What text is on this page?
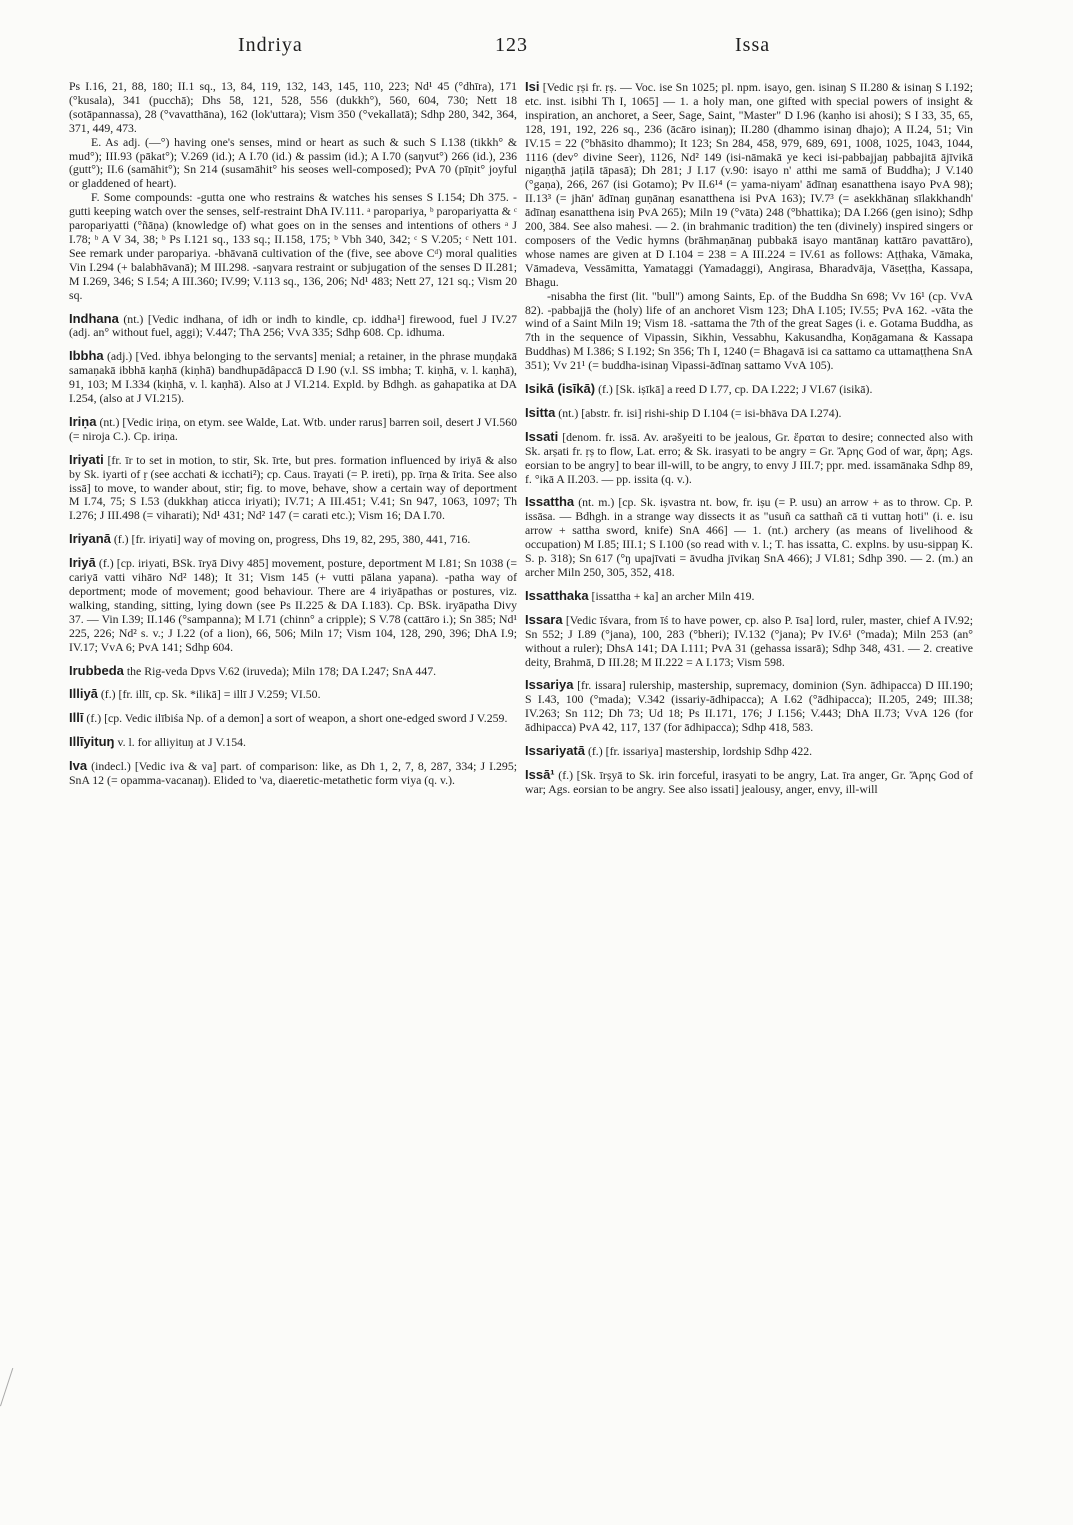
Indriya	123	Issa
Ps I.16, 21, 88, 180; II.1 sq., 13, 84, 119, 132, 143, 145, 110, 223; Nd¹ 45 (°dhīra), 171 (°kusala), 341 (pucchā); Dhs 58, 121, 528, 556 (dukkh°), 560, 604, 730; Nett 18 (sotāpannassa), 28 (°vavatthāna), 162 (lok'uttara); Vism 350 (°vekallatā); Sdhp 280, 342, 364, 371, 449, 473.
E. As adj. (—°) having one's senses, mind or heart as such & such S I.138 (tikkh° & mud°); III.93 (pākat°); V.269 (id.); A I.70 (id.) & passim (id.); A I.70 (saŋvut°) 266 (id.), 236 (gutt°); II.6 (samāhit°); Sn 214 (susamāhit° his seoses well-composed); PvA 70 (pīṇit° joyful or gladdened of heart).
F. Some compounds: -gutta one who restrains & watches his senses S I.154; Dh 375. -gutti keeping watch over the senses, self-restraint DhA IV.111. ᵃ paropariya, ᵇ paropariyatta & ᶜ paropariyatti (°ñāṇa) (knowledge of) what goes on in the senses and intentions of others ᵃ J I.78; ᵇ A V 34, 38; ᵇ Ps I.121 sq., 133 sq.; II.158, 175; ᵇ Vbh 340, 342; ᶜ S V.205; ᶜ Nett 101. See remark under paropariya. -bhāvanā cultivation of the (five, see above Cᵈ) moral qualities Vin I.294 (+ balabhāvanā); M III.298. -saŋvara restraint or subjugation of the senses D II.281; M I.269, 346; S I.54; A III.360; IV.99; V.113 sq., 136, 206; Nd¹ 483; Nett 27, 121 sq.; Vism 20 sq.
Indhana (nt.) [Vedic indhana, of idh or indh to kindle, cp. iddha¹] firewood, fuel J IV.27 (adj. an° without fuel, aggi); V.447; ThA 256; VvA 335; Sdhp 608. Cp. idhuma.
Ibbha (adj.) [Ved. ibhya belonging to the servants] menial; a retainer, in the phrase muṇḍakā samaṇakā ibbhā kaṇhā (kiṇhā) bandhupādâpaccā D I.90 (v.l. SS imbha; T. kiṇhā, v. l. kaṇhā), 91, 103; M I.334 (kiṇhā, v. l. kaṇhā). Also at J VI.214. Expld. by Bdhgh. as gahapatika at DA I.254, (also at J VI.215).
Iriṇa (nt.) [Vedic iriṇa, on etym. see Walde, Lat. Wtb. under rarus] barren soil, desert J VI.560 (= niroja C.). Cp. iriṇa.
Iriyati [fr. īr to set in motion, to stir, Sk. īrte, but pres. formation influenced by iriyā & also by Sk. iyarti of ṛ (see acchati & icchati²); cp. Caus. īrayati (= P. ireti), pp. īrṇa & īrita. See also issā] to move, to wander about, stir; fig. to move, behave, show a certain way of deportment M I.74, 75; S I.53 (dukkhaŋ aticca iriyati); IV.71; A III.451; V.41; Sn 947, 1063, 1097; Th I.276; J III.498 (= viharati); Nd¹ 431; Nd² 147 (= carati etc.); Vism 16; DA I.70.
Iriyanā (f.) [fr. iriyati] way of moving on, progress, Dhs 19, 82, 295, 380, 441, 716.
Iriyā (f.) [cp. iriyati, BSk. īryā Divy 485] movement, posture, deportment M I.81; Sn 1038 (= cariyā vatti vihāro Nd² 148); It 31; Vism 145 (+ vutti pālana yapana). -patha way of deportment; mode of movement; good behaviour. There are 4 iriyāpathas or postures, viz. walking, standing, sitting, lying down (see Ps II.225 & DA I.183). Cp. BSk. iryāpatha Divy 37. — Vin I.39; II.146 (°sampanna); M I.71 (chinn° a cripple); S V.78 (cattāro i.); Sn 385; Nd¹ 225, 226; Nd² s. v.; J I.22 (of a lion), 66, 506; Miln 17; Vism 104, 128, 290, 396; DhA I.9; IV.17; VvA 6; PvA 141; Sdhp 604.
Irubbeda the Rig-veda Dpvs V.62 (iruveda); Miln 178; DA I.247; SnA 447.
Illiyā (f.) [fr. illī, cp. Sk. *ilikā] = illī J V.259; VI.50.
Illī (f.) [cp. Vedic ilībiśa Np. of a demon] a sort of weapon, a short one-edged sword J V.259.
Illīyituŋ v. l. for alliyituŋ at J V.154.
Iva (indecl.) [Vedic iva & va] part. of comparison: like, as Dh 1, 2, 7, 8, 287, 334; J I.295; SnA 12 (= opamma-vacanaŋ). Elided to 'va, diaeretic-metathetic form viya (q. v.).
Isi [Vedic ṛṣi fr. ṛṣ. — Voc. ise Sn 1025; pl. npm. isayo, gen. isinaŋ S II.280 & isinaŋ S I.192; etc. inst. isibhi Th I, 1065] — 1. a holy man, one gifted with special powers of insight & inspiration, an anchoret, a Seer, Sage, Saint, "Master" D I.96 (kaṇho isi ahosi); S I 33, 35, 65, 128, 191, 192, 226 sq., 236 (ācāro isinaŋ); II.280 (dhammo isinaŋ dhajo); A II.24, 51; Vin IV.15 = 22 (°bhāsito dhammo); It 123; Sn 284, 458, 979, 689, 691, 1008, 1025, 1043, 1044, 1116 (dev° divine Seer), 1126, Nd² 149 (isi-nāmakā ye keci isi-pabbajjaŋ pabbajitā ājīvikā nigaṇṭhā jaṭilā tāpasā); Dh 281; J I.17 (v.90: isayo n' atthi me samā of Buddha); J V.140 (°gaṇa), 266, 267 (isi Gotamo); Pv II.6¹⁴ (= yama-niyam' ādīnaŋ esanatthena isayo PvA 98); II.13³ (= jhān' ādīnaŋ guṇānaŋ esanatthena isi PvA 163); IV.7³ (= asekkhānaŋ sīlakkhandh' ādīnaŋ esanatthena isiŋ PvA 265); Miln 19 (°vāta) 248 (°bhattika); DA I.266 (gen isino); Sdhp 200, 384. See also mahesi. — 2. (in brahmanic tradition) the ten (divinely) inspired singers or composers of the Vedic hymns (brāhmaṇānaŋ pubbakā isayo mantānaŋ kattāro pavattāro), whose names are given at D I.104 = 238 = A III.224 = IV.61 as follows: Aṭṭhaka, Vāmaka, Vāmadeva, Vessāmitta, Yamataggi (Yamadaggi), Angirasa, Bharadvāja, Vāseṭṭha, Kassapa, Bhagu.
-nisabha the first (lit. "bull") among Saints, Ep. of the Buddha Sn 698; Vv 16¹ (cp. VvA 82). -pabbajjā the (holy) life of an anchoret Vism 123; DhA I.105; IV.55; PvA 162. -vāta the wind of a Saint Miln 19; Vism 18. -sattama the 7th of the great Sages (i. e. Gotama Buddha, as 7th in the sequence of Vipassin, Sikhin, Vessabhu, Kakusandha, Koṇāgamana & Kassapa Buddhas) M I.386; S I.192; Sn 356; Th I, 1240 (= Bhagavā isi ca sattamo ca uttamaṭṭhena SnA 351); Vv 21¹ (= buddha-isinaŋ Vipassi-ādīnaŋ sattamo VvA 105).
Isikā (isīkā) (f.) [Sk. iṣīkā] a reed D I.77, cp. DA I.222; J VI.67 (isikā).
Isitta (nt.) [abstr. fr. isi] rishi-ship D I.104 (= isi-bhāva DA I.274).
Issati [denom. fr. issā. Av. arəšyeiti to be jealous, Gr. ἔραται to desire; connected also with Sk. arṣati fr. ṛṣ to flow, Lat. erro; & Sk. irasyati to be angry = Gr. Ἄρης God of war, ἄρη; Ags. eorsian to be angry] to bear ill-will, to be angry, to envy J III.7; ppr. med. issamānaka Sdhp 89, f. °ikā A II.203. — pp. issita (q. v.).
Issattha (nt. m.) [cp. Sk. iṣvastra nt. bow, fr. iṣu (= P. usu) an arrow + as to throw. Cp. P. issāsa. — Bdhgh. in a strange way dissects it as "usuñ ca satthañ cā ti vuttaŋ hoti" (i. e. isu arrow + sattha sword, knife) SnA 466] — 1. (nt.) archery (as means of livelihood & occupation) M I.85; III.1; S I.100 (so read with v. l.; T. has issatta, C. explns. by usu-sippaŋ K. S. p. 318); Sn 617 (°ŋ upajīvati = āvudha jīvikaŋ SnA 466); J VI.81; Sdhp 390. — 2. (m.) an archer Miln 250, 305, 352, 418.
Issatthaka [issattha + ka] an archer Miln 419.
Issara [Vedic īśvara, from īś to have power, cp. also P. īsa] lord, ruler, master, chief A IV.92; Sn 552; J I.89 (°jana), 100, 283 (°bheri); IV.132 (°jana); Pv IV.6¹ (°mada); Miln 253 (an° without a ruler); DhsA 141; DA I.111; PvA 31 (gehassa issarā); Sdhp 348, 431. — 2. creative deity, Brahmā, D III.28; M II.222 = A I.173; Vism 598.
Issariya [fr. issara] rulership, mastership, supremacy, dominion (Syn. ādhipacca) D III.190; S I.43, 100 (°mada); V.342 (issariy-ādhipacca); A I.62 (°ādhipacca); II.205, 249; III.38; IV.263; Sn 112; Dh 73; Ud 18; Ps II.171, 176; J I.156; V.443; DhA II.73; VvA 126 (for ādhipacca) PvA 42, 117, 137 (for ādhipacca); Sdhp 418, 583.
Issariyatā (f.) [fr. issariya] mastership, lordship Sdhp 422.
Issā¹ (f.) [Sk. īrṣyā to Sk. irin forceful, irasyati to be angry, Lat. īra anger, Gr. Ἄρης God of war; Ags. eorsian to be angry. See also issati] jealousy, anger, envy, ill-will
